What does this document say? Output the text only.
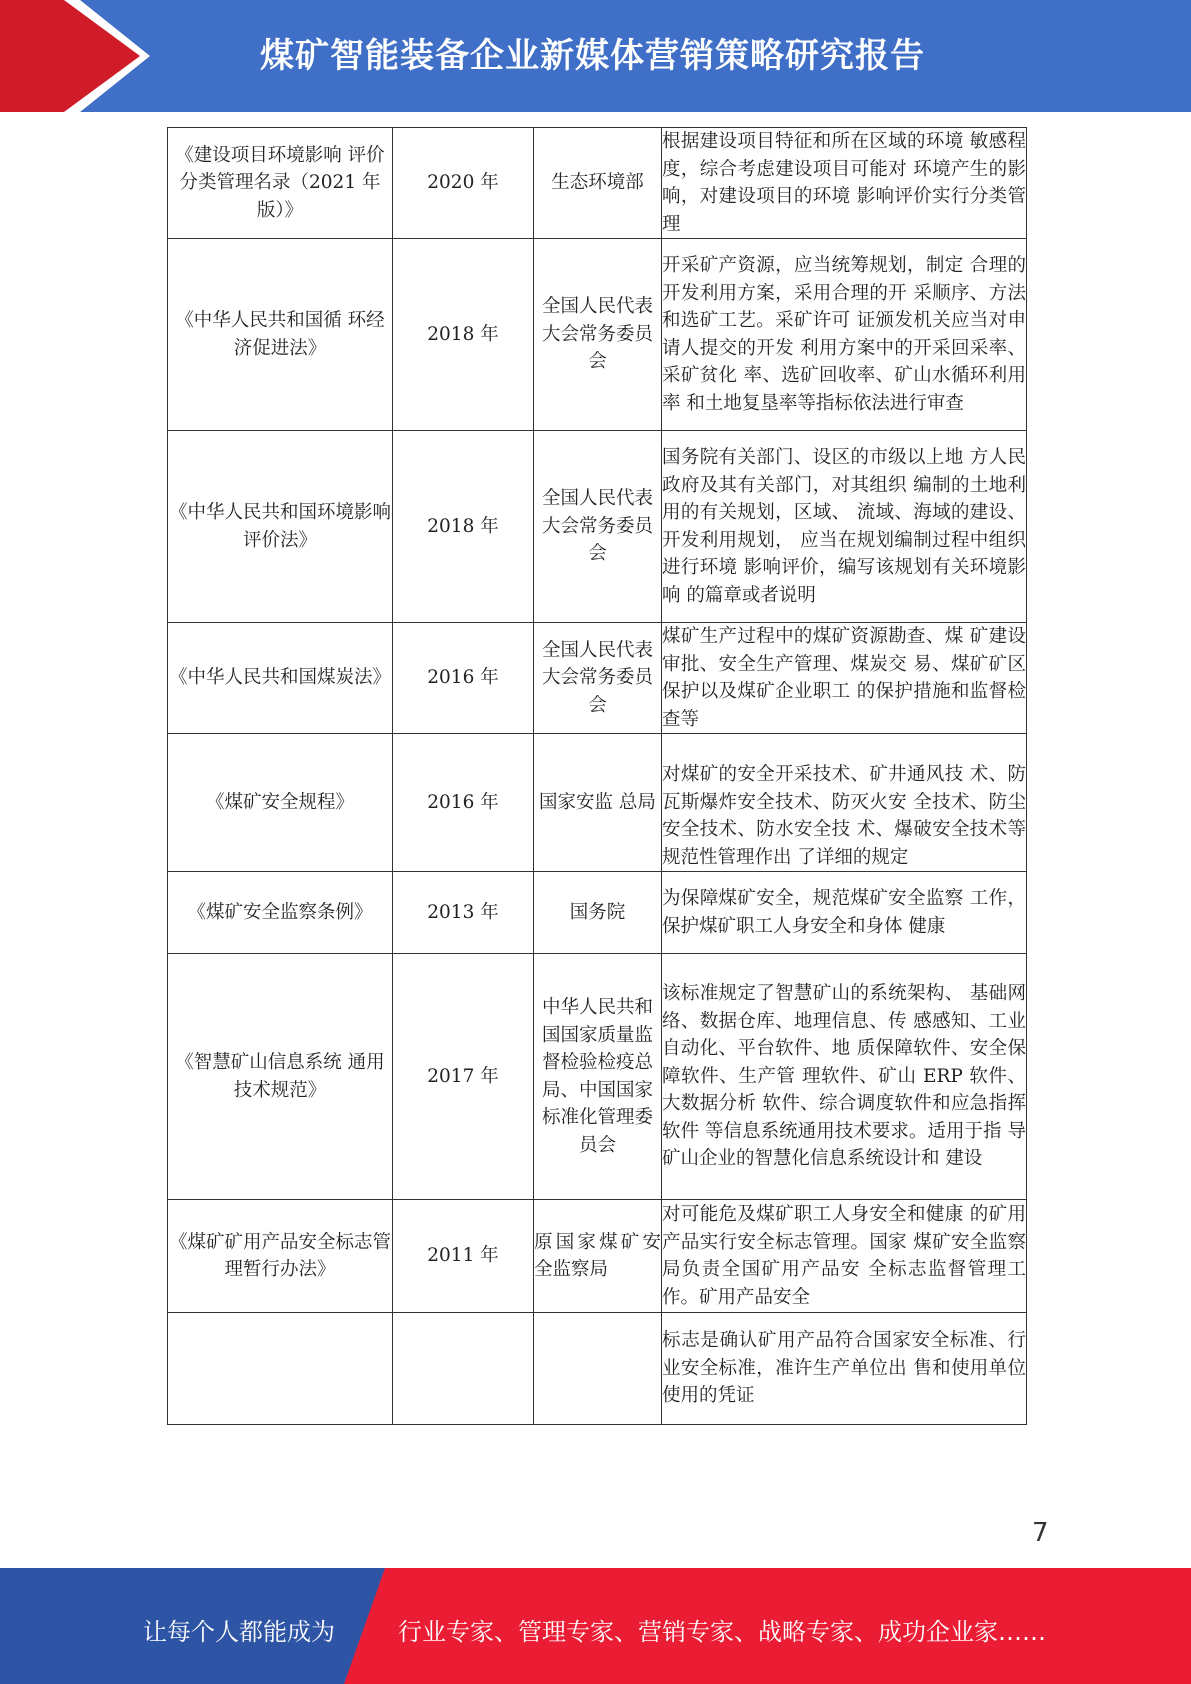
煤矿智能装备企业新媒体营销策略研究报告
《建设项目环境影响 评价分类管理名录（2021 年版）》	2020 年	生态环境部	根据建设项目特征和所在区域的环境 敏感程度，综合考虑建设项目可能对 环境产生的影响，对建设项目的环境 影响评价实行分类管理
《中华人民共和国循 环经济促进法》	2018 年	全国人民代表大会常务委员会	开采矿产资源，应当统筹规划，制定 合理的开发利用方案，采用合理的开 采顺序、方法和选矿工艺。采矿许可 证颁发机关应当对申请人提交的开发 利用方案中的开采回采率、采矿贫化 率、选矿回收率、矿山水循环利用率 和土地复垦率等指标依法进行审查
《中华人民共和国环境影响评价法》	2018 年	全国人民代表大会常务委员会	国务院有关部门、设区的市级以上地 方人民政府及其有关部门，对其组织 编制的土地利用的有关规划，区域、 流域、海域的建设、开发利用规划， 应当在规划编制过程中组织进行环境 影响评价，编写该规划有关环境影响 的篇章或者说明
《中华人民共和国煤炭法》	2016 年	全国人民代表大会常务委员会	煤矿生产过程中的煤矿资源勘查、煤 矿建设审批、安全生产管理、煤炭交 易、煤矿矿区保护以及煤矿企业职工 的保护措施和监督检查等
《煤矿安全规程》	2016 年	国家安监 总局	对煤矿的安全开采技术、矿井通风技 术、防瓦斯爆炸安全技术、防灭火安 全技术、防尘安全技术、防水安全技 术、爆破安全技术等规范性管理作出 了详细的规定
《煤矿安全监察条例》	2013 年	国务院	为保障煤矿安全，规范煤矿安全监察 工作，保护煤矿职工人身安全和身体 健康
《智慧矿山信息系统 通用技术规范》	2017 年	中华人民共和国国家质量监督检验检疫总局、中国国家标准化管理委员会	该标准规定了智慧矿山的系统架构、 基础网络、数据仓库、地理信息、传 感感知、工业自动化、平台软件、地 质保障软件、安全保障软件、生产管 理软件、矿山 ERP 软件、大数据分析 软件、综合调度软件和应急指挥软件 等信息系统通用技术要求。适用于指 导矿山企业的智慧化信息系统设计和 建设
《煤矿矿用产品安全标志管理暂行办法》	2011 年	原国家煤矿安全监察局	对可能危及煤矿职工人身安全和健康 的矿用产品实行安全标志管理。国家 煤矿安全监察局负责全国矿用产品安 全标志监督管理工作。矿用产品安全
			标志是确认矿用产品符合国家安全标准、行业安全标准，准许生产单位出 售和使用单位使用的凭证
7
让每个人都能成为	行业专家、管理专家、营销专家、战略专家、成功企业家……
